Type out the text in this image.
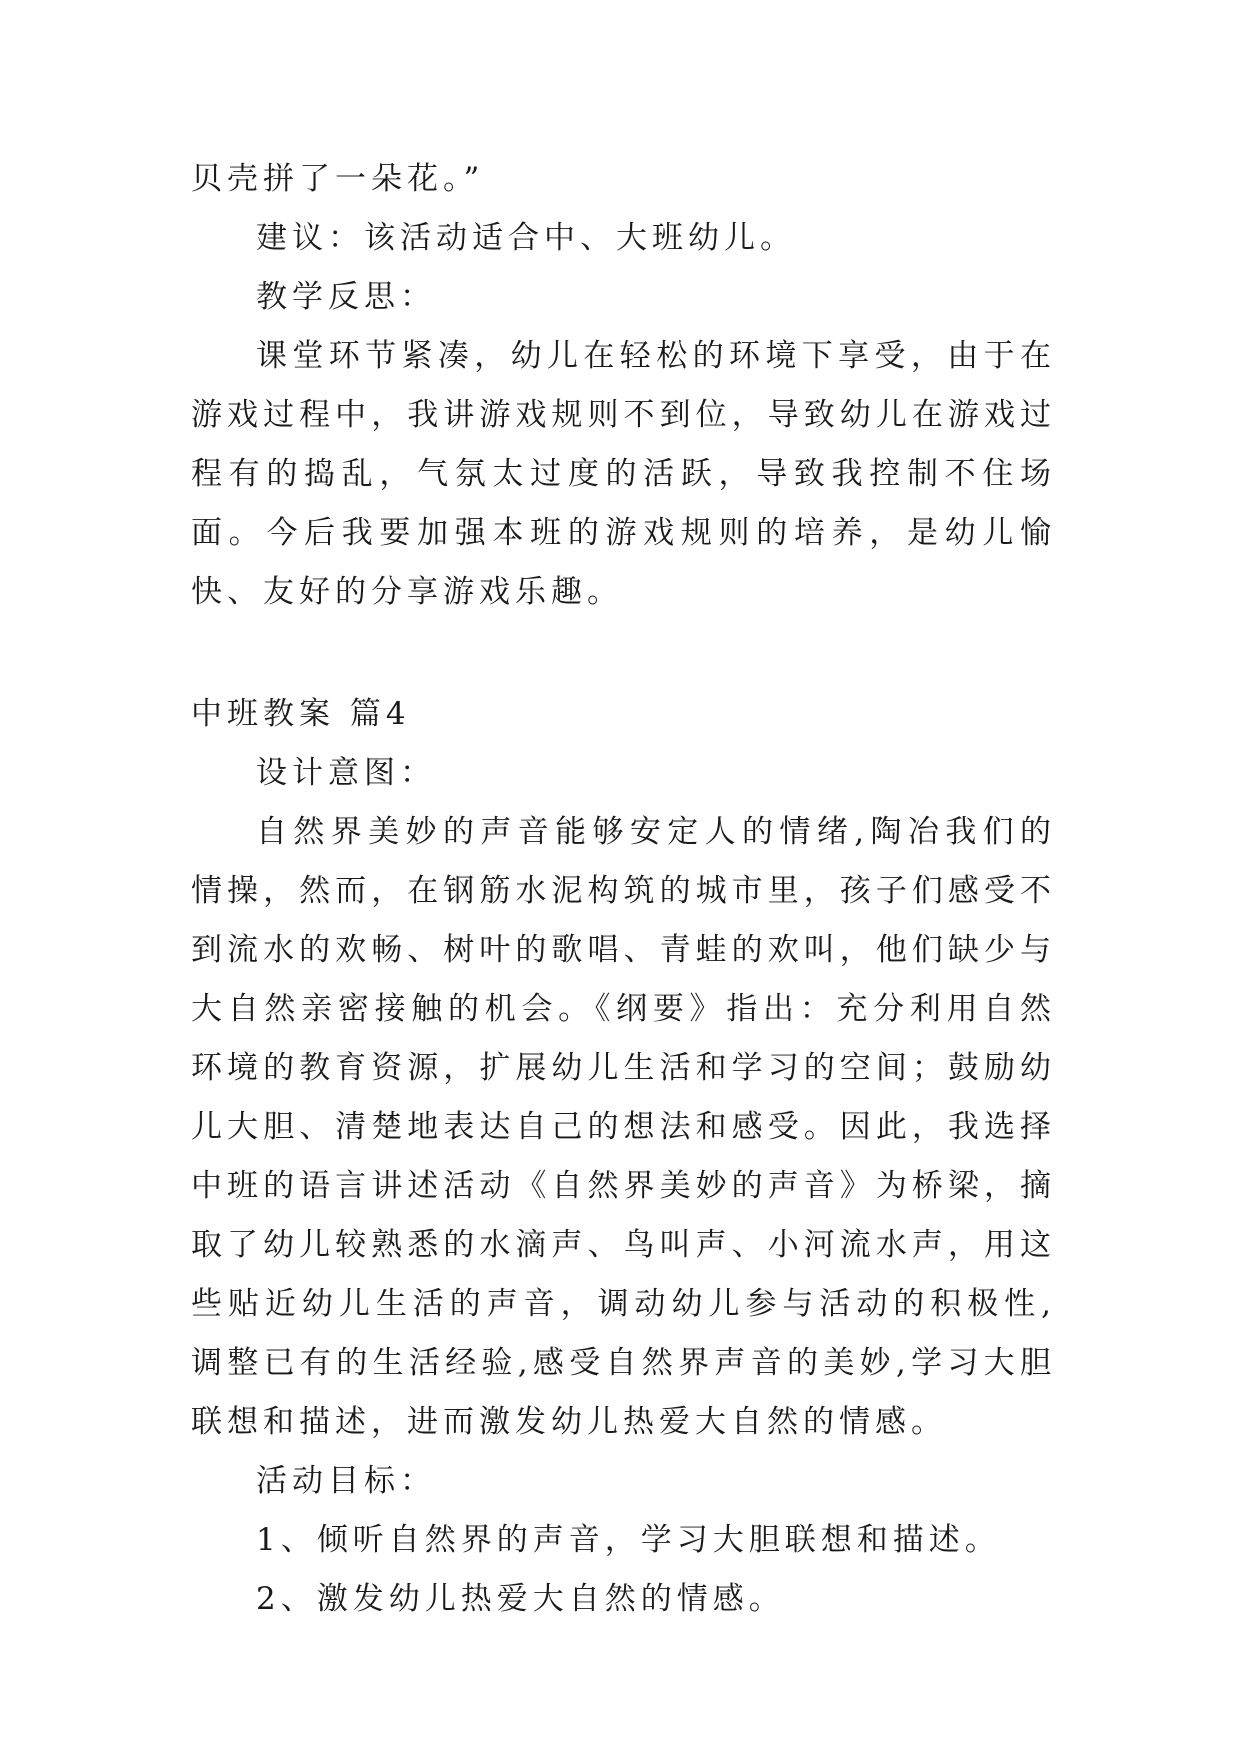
贝壳拼了一朵花。”
建议：该活动适合中、大班幼儿。
教学反思：

课堂环节紧凑，幼儿在轻松的环境下享受，由于在游戏过程中，我讲游戏规则不到位，导致幼儿在游戏过程有的捣乱，气氛太过度的活跃，导致我控制不住场面。今后我要加强本班的游戏规则的培养，是幼儿愉快、友好的分享游戏乐趣。

中班教案 篇4
设计意图：

自然界美妙的声音能够安定人的情绪,陶冶我们的情操，然而，在钢筋水泥构筑的城市里，孩子们感受不到流水的欢畅、树叶的歌唱、青蛙的欢叫，他们缺少与大自然亲密接触的机会。《纲要》指出：充分利用自然环境的教育资源，扩展幼儿生活和学习的空间；鼓励幼儿大胆、清楚地表达自己的想法和感受。因此，我选择中班的语言讲述活动《自然界美妙的声音》为桥梁，摘取了幼儿较熟悉的水滴声、鸟叫声、小河流水声，用这些贴近幼儿生活的声音，调动幼儿参与活动的积极性,调整已有的生活经验,感受自然界声音的美妙,学习大胆联想和描述，进而激发幼儿热爱大自然的情感。

活动目标：
1、倾听自然界的声音，学习大胆联想和描述。
2、激发幼儿热爱大自然的情感。
